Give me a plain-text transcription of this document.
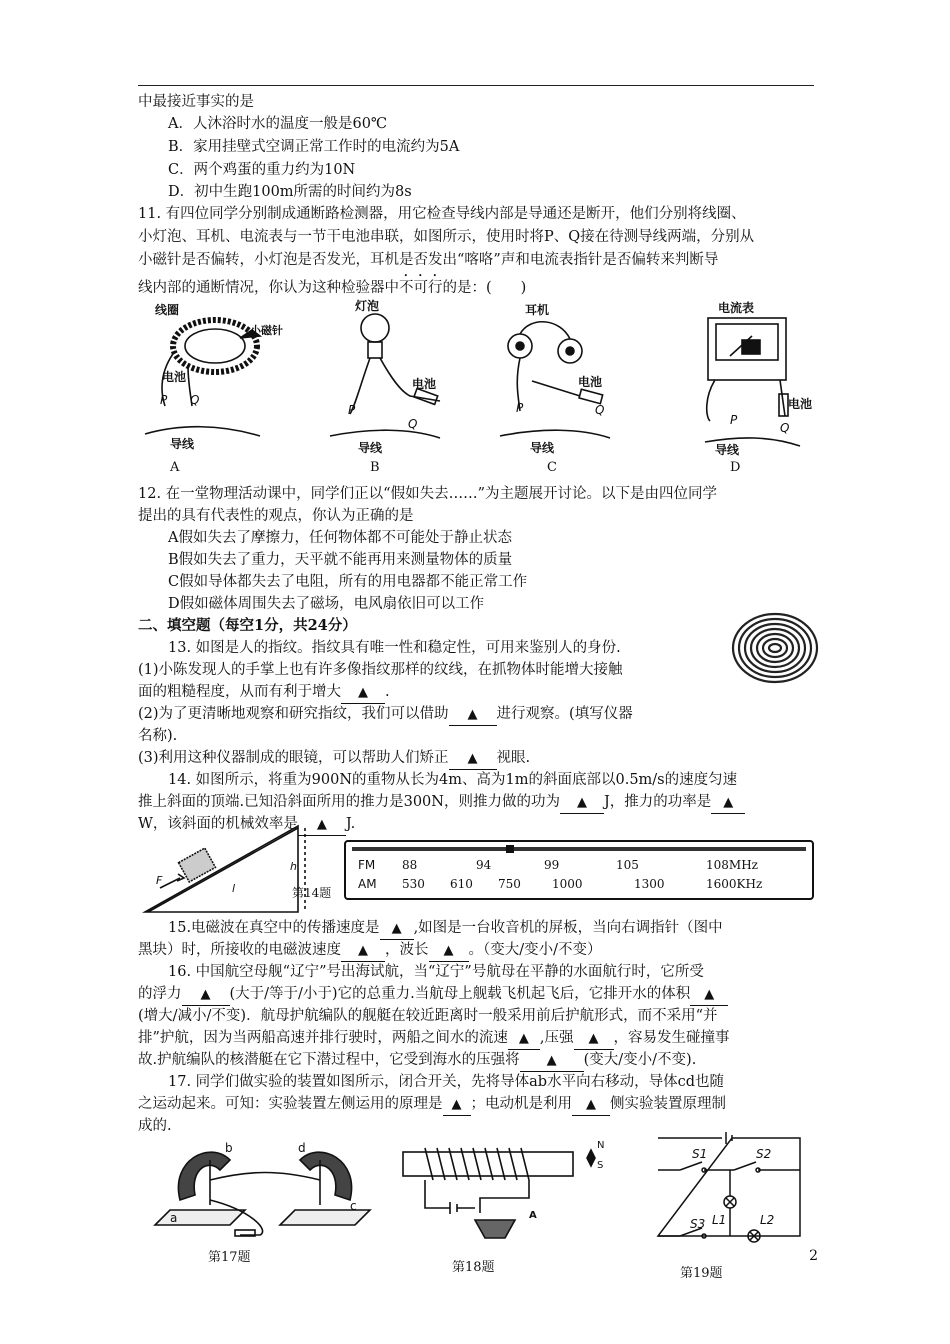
中最接近事实的是
A．人沐浴时水的温度一般是60℃
B．家用挂壁式空调正常工作时的电流约为5A
C．两个鸡蛋的重力约为10N
D．初中生跑100m所需的时间约为8s
11. 有四位同学分别制成通断路检测器，用它检查导线内部是导通还是断开，他们分别将线圈、
小灯泡、耳机、电流表与一节干电池串联，如图所示，使用时将P、Q接在待测导线两端，分别从
小磁针是否偏转，小灯泡是否发光，耳机是否发出“喀咯”声和电流表指针是否偏转来判断导
线内部的通断情况，你认为这种检验器中不可行的是：(　　)
线圈
小磁针
电池
P Q
导线
灯泡
电池
P
Q
导线
耳机
电池
P	Q
导线
电流表
电池
P
Q
导线
A	B	C	D
12. 在一堂物理活动课中，同学们正以“假如失去……”为主题展开讨论。以下是由四位同学
提出的具有代表性的观点，你认为正确的是
A假如失去了摩擦力，任何物体都不可能处于静止状态
B假如失去了重力，天平就不能再用来测量物体的质量
C假如导体都失去了电阻，所有的用电器都不能正常工作
D假如磁体周围失去了磁场，电风扇依旧可以工作
二、填空题（每空1分，共24分）
13. 如图是人的指纹。指纹具有唯一性和稳定性，可用来鉴别人的身份.
(1)小陈发现人的手掌上也有许多像指纹那样的纹线，在抓物体时能增大接触
面的粗糙程度，从而有利于增大 ▲ .
(2)为了更清晰地观察和研究指纹，我们可以借助 ▲ 进行观察。(填写仪器
名称).
(3)利用这种仪器制成的眼镜，可以帮助人们矫正 ▲ 视眼.
14. 如图所示，将重为900N的重物从长为4m、高为1m的斜面底部以0.5m/s的速度匀速
推上斜面的顶端.已知沿斜面所用的推力是300N，则推力做的功为 ▲ J，推力的功率是 ▲
W，该斜面的机械效率是 ▲ J.
F
l
h
第14题
FM
AM
88	94	99	105	108MHz
530 610 750	1000	1300	1600KHz
15.电磁波在真空中的传播速度是 ▲ ,如图是一台收音机的屏板，当向右调指针（图中
黑块）时，所接收的电磁波速度 ▲ ，波长 ▲ 。（变大/变小/不变）
16. 中国航空母舰“辽宁”号出海试航，当“辽宁”号航母在平静的水面航行时，它所受
的浮力 ▲ (大于/等于/小于)它的总重力.当航母上舰载飞机起飞后，它排开水的体积 ▲
(增大/减小/不变)．航母护航编队的舰艇在较近距离时一般采用前后护航形式，而不采用“并
排”护航，因为当两船高速并排行驶时，两船之间水的流速 ▲ ,压强 ▲ ，容易发生碰撞事
故.护航编队的核潜艇在它下潜过程中，它受到海水的压强将 ▲ (变大/变小/不变).
17. 同学们做实验的装置如图所示，闭合开关，先将导体ab水平向右移动，导体cd也随
之运动起来。可知：实验装置左侧运用的原理是 ▲ ；电动机是利用 ▲ 侧实验装置原理制
成的.
b	d
a
c
第17题
N
S
A
第18题
S1	S2
L1
S3	L2
第19题
2
